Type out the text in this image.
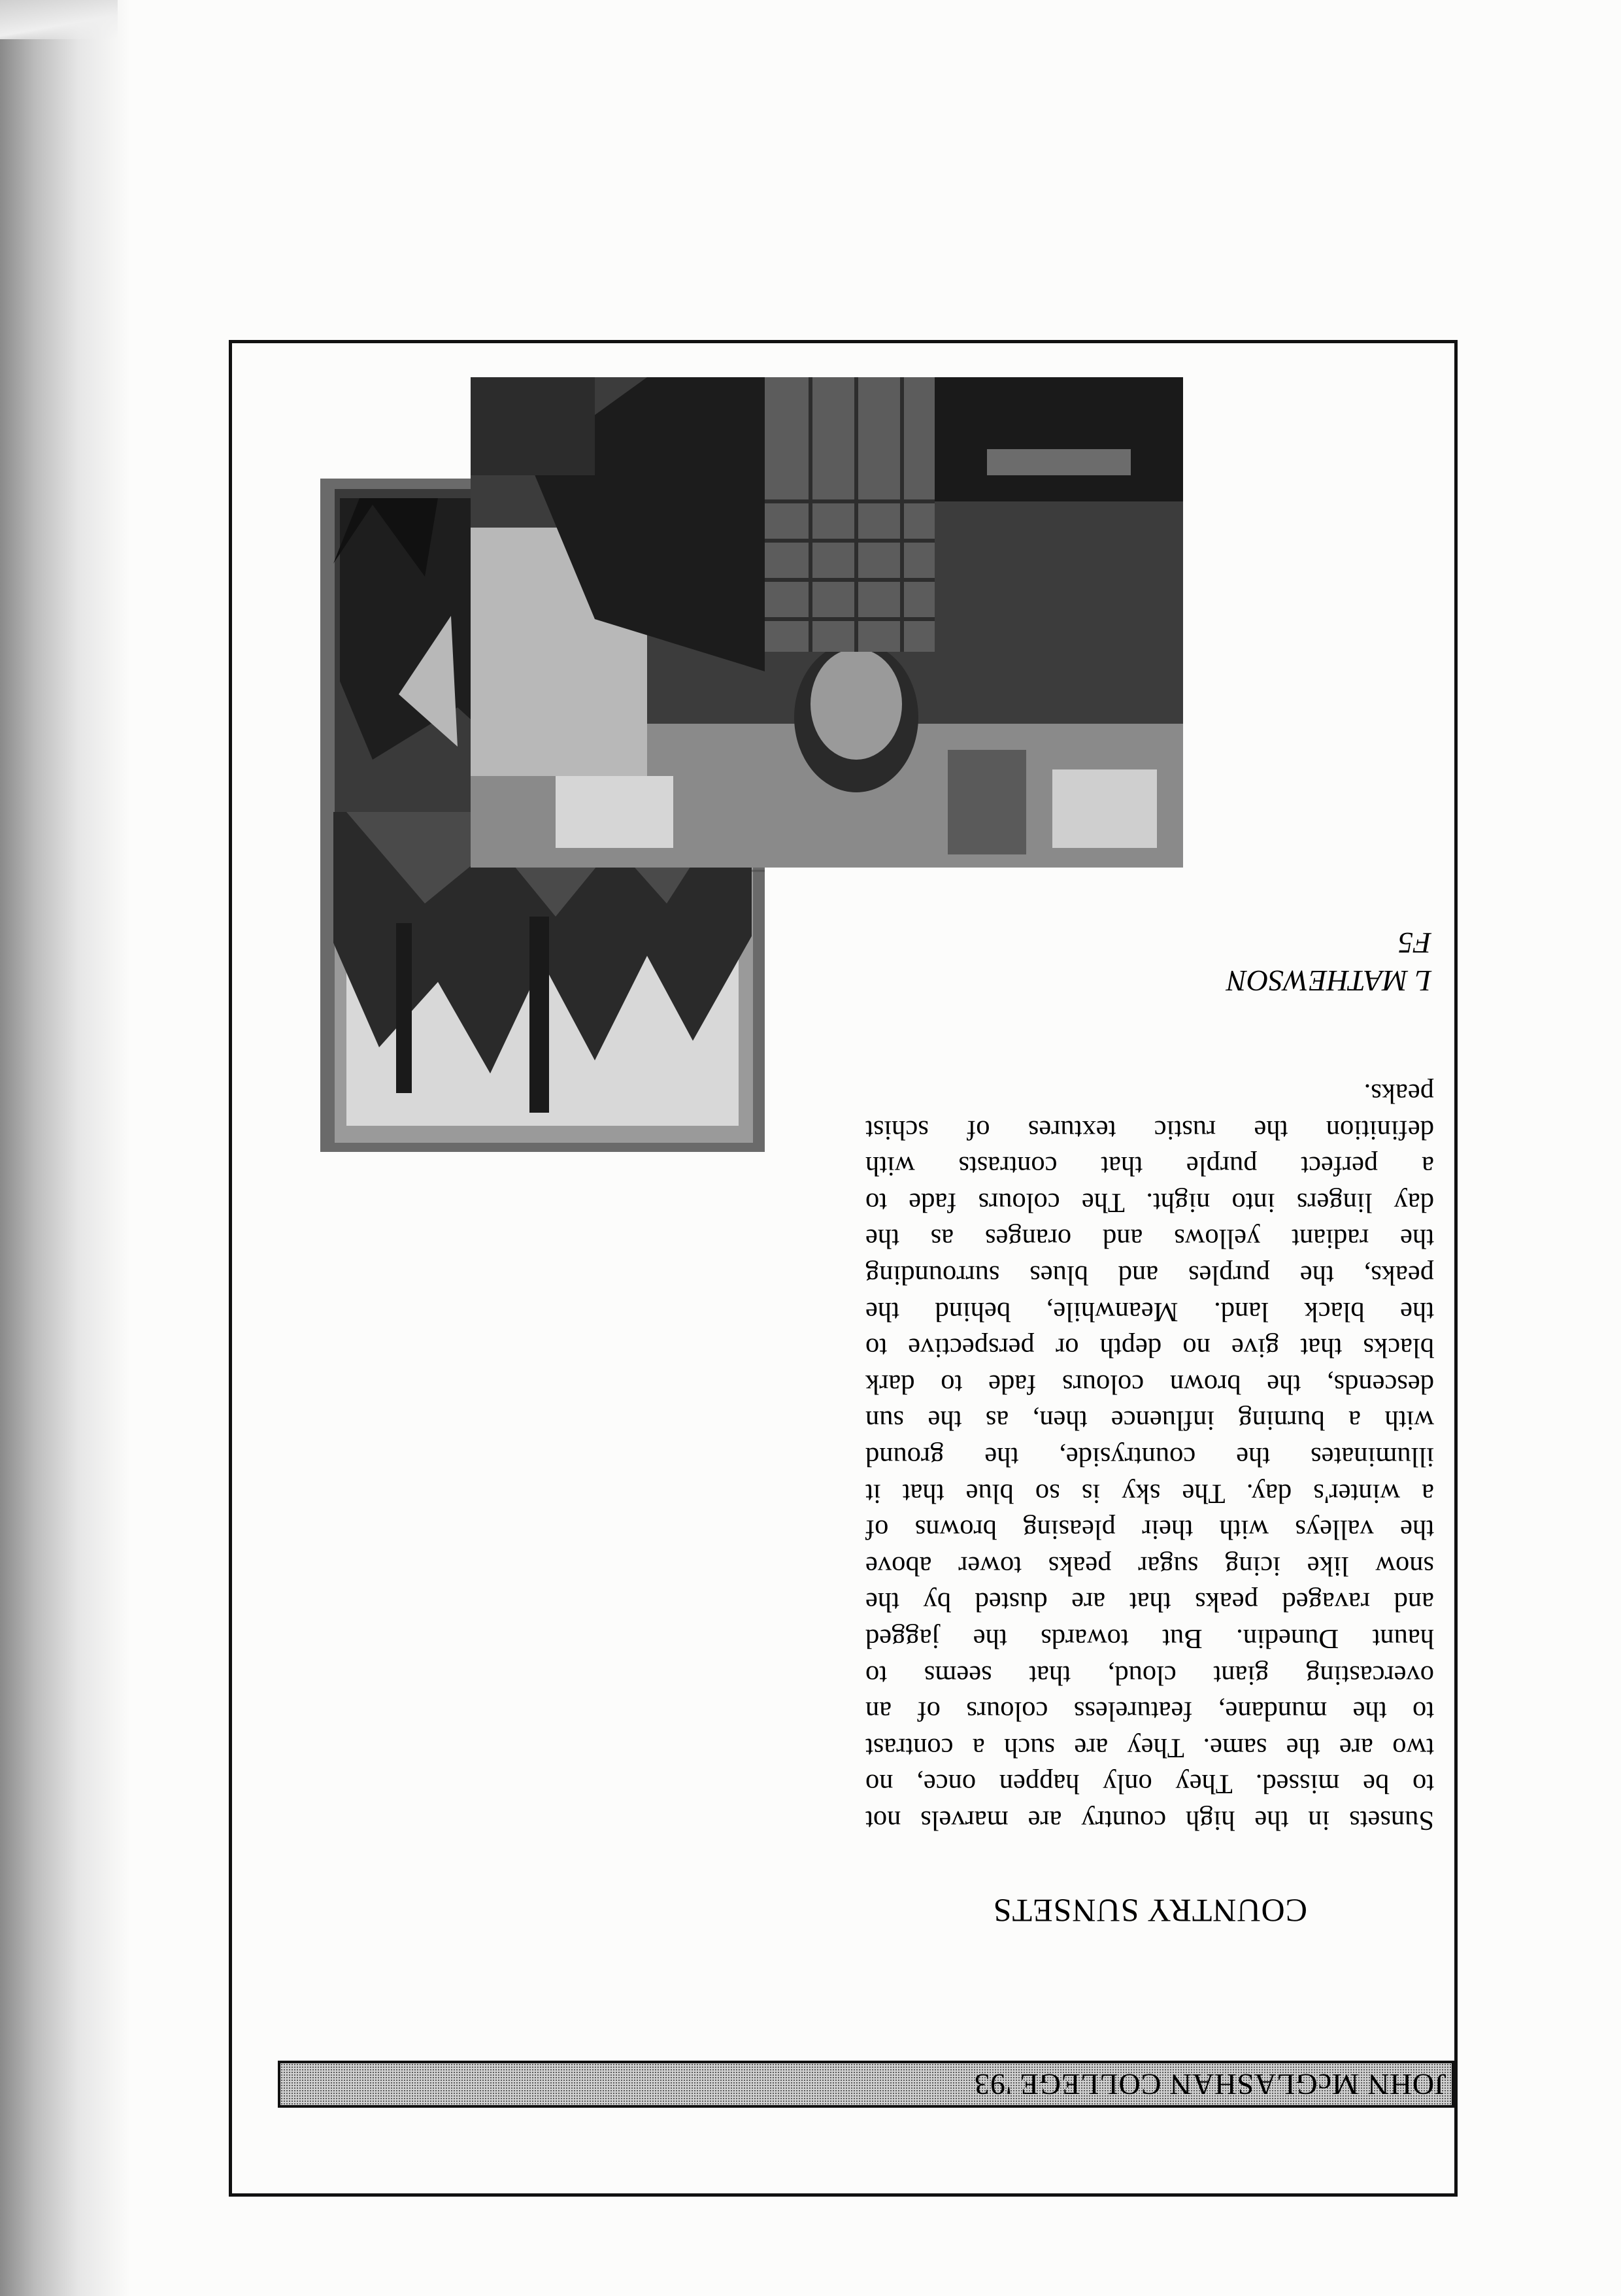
JOHN McGLASHAN COLLEGE '93
COUNTRY SUNSETS
Sunsets in the high country are marvels not
to be missed. They only happen once, no
two are the same. They are such a contrast
to the mundane, featureless colours of an
overcasting giant cloud, that seems to
haunt Dunedin. But towards the jagged
and ravaged peaks that are dusted by the
snow like icing sugar peaks tower above
the valleys with their pleasing browns of
a winter's day. The sky is so blue that it
illuminates the countryside, the ground
with a burning influence then, as the sun
descends, the brown colours fade to dark
blacks that give no depth or perspective to
the black land. Meanwhile, behind the
peaks, the purples and blues surrounding
the radiant yellows and oranges as the
day lingers into night. The colours fade to
a perfect purple that contrasts with
definition the rustic textures of schist
peaks.
L MATHEWSON
F5
